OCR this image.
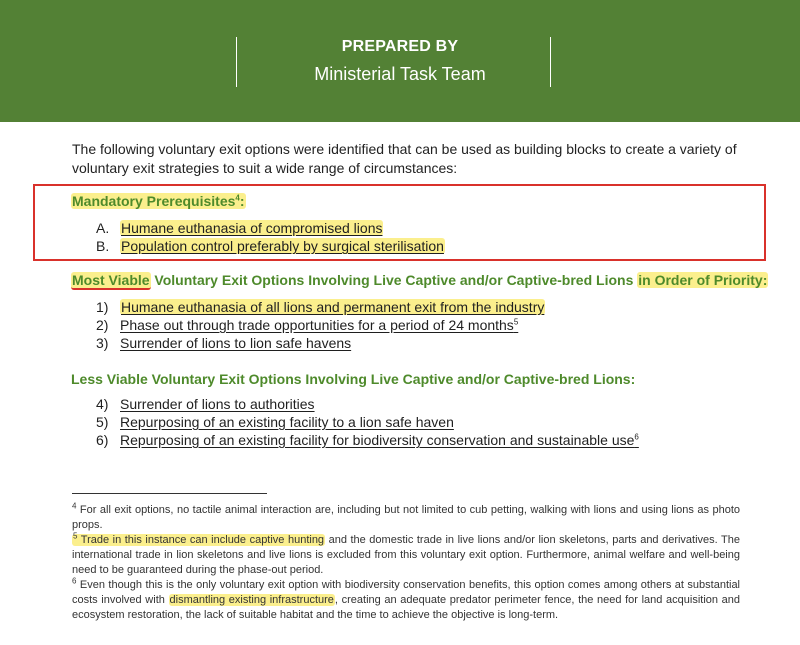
PREPARED BY
Ministerial Task Team
The following voluntary exit options were identified that can be used as building blocks to create a variety of voluntary exit strategies to suit a wide range of circumstances:
Mandatory Prerequisites$^4$:
A. Humane euthanasia of compromised lions
B. Population control preferably by surgical sterilisation
Most Viable Voluntary Exit Options Involving Live Captive and/or Captive-bred Lions in Order of Priority:
1) Humane euthanasia of all lions and permanent exit from the industry
2) Phase out through trade opportunities for a period of 24 months$^5$
3) Surrender of lions to lion safe havens
Less Viable Voluntary Exit Options Involving Live Captive and/or Captive-bred Lions:
4) Surrender of lions to authorities
5) Repurposing of an existing facility to a lion safe haven
6) Repurposing of an existing facility for biodiversity conservation and sustainable use$^6$
$^4$ For all exit options, no tactile animal interaction are, including but not limited to cub petting, walking with lions and using lions as photo props.
$^5$ Trade in this instance can include captive hunting and the domestic trade in live lions and/or lion skeletons, parts and derivatives. The international trade in lion skeletons and live lions is excluded from this voluntary exit option. Furthermore, animal welfare and well-being need to be guaranteed during the phase-out period.
$^6$ Even though this is the only voluntary exit option with biodiversity conservation benefits, this option comes among others at substantial costs involved with dismantling existing infrastructure, creating an adequate predator perimeter fence, the need for land acquisition and ecosystem restoration, the lack of suitable habitat and the time to achieve the objective is long-term.
